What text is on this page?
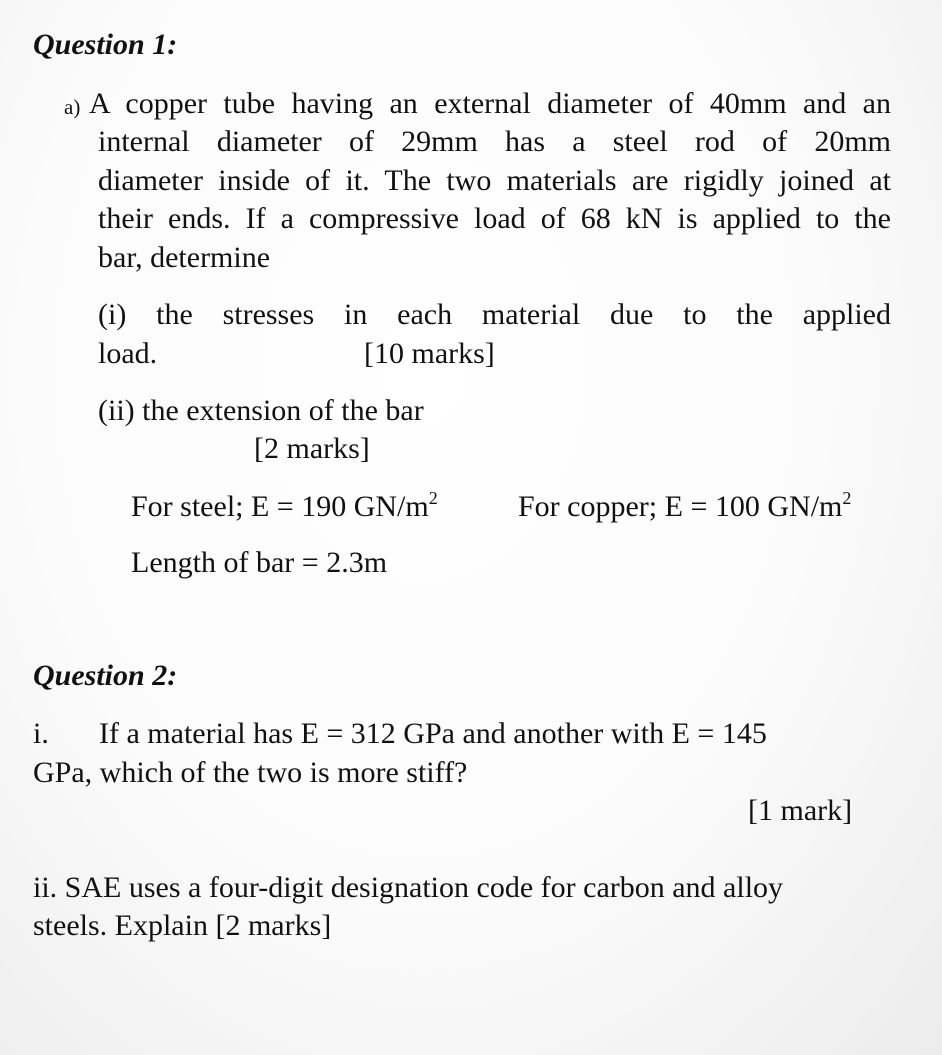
Question 1:
a) A copper tube having an external diameter of 40mm and an
internal diameter of 29mm has a steel rod of 20mm
diameter inside of it. The two materials are rigidly joined at
their ends. If a compressive load of 68 kN is applied to the
bar, determine
(i) the stresses in each material due to the applied
load.	[10 marks]
(ii) the extension of the bar
[2 marks]
For steel; E = 190 $GN/m^2$	For copper; E = 100 $GN/m^2$
Length of bar = 2.3m
Question 2:
i. If a material has E = 312 GPa and another with E = 145
GPa, which of the two is more stiff?
[1 mark]
ii. SAE uses a four-digit designation code for carbon and alloy
steels. Explain [2 marks]
